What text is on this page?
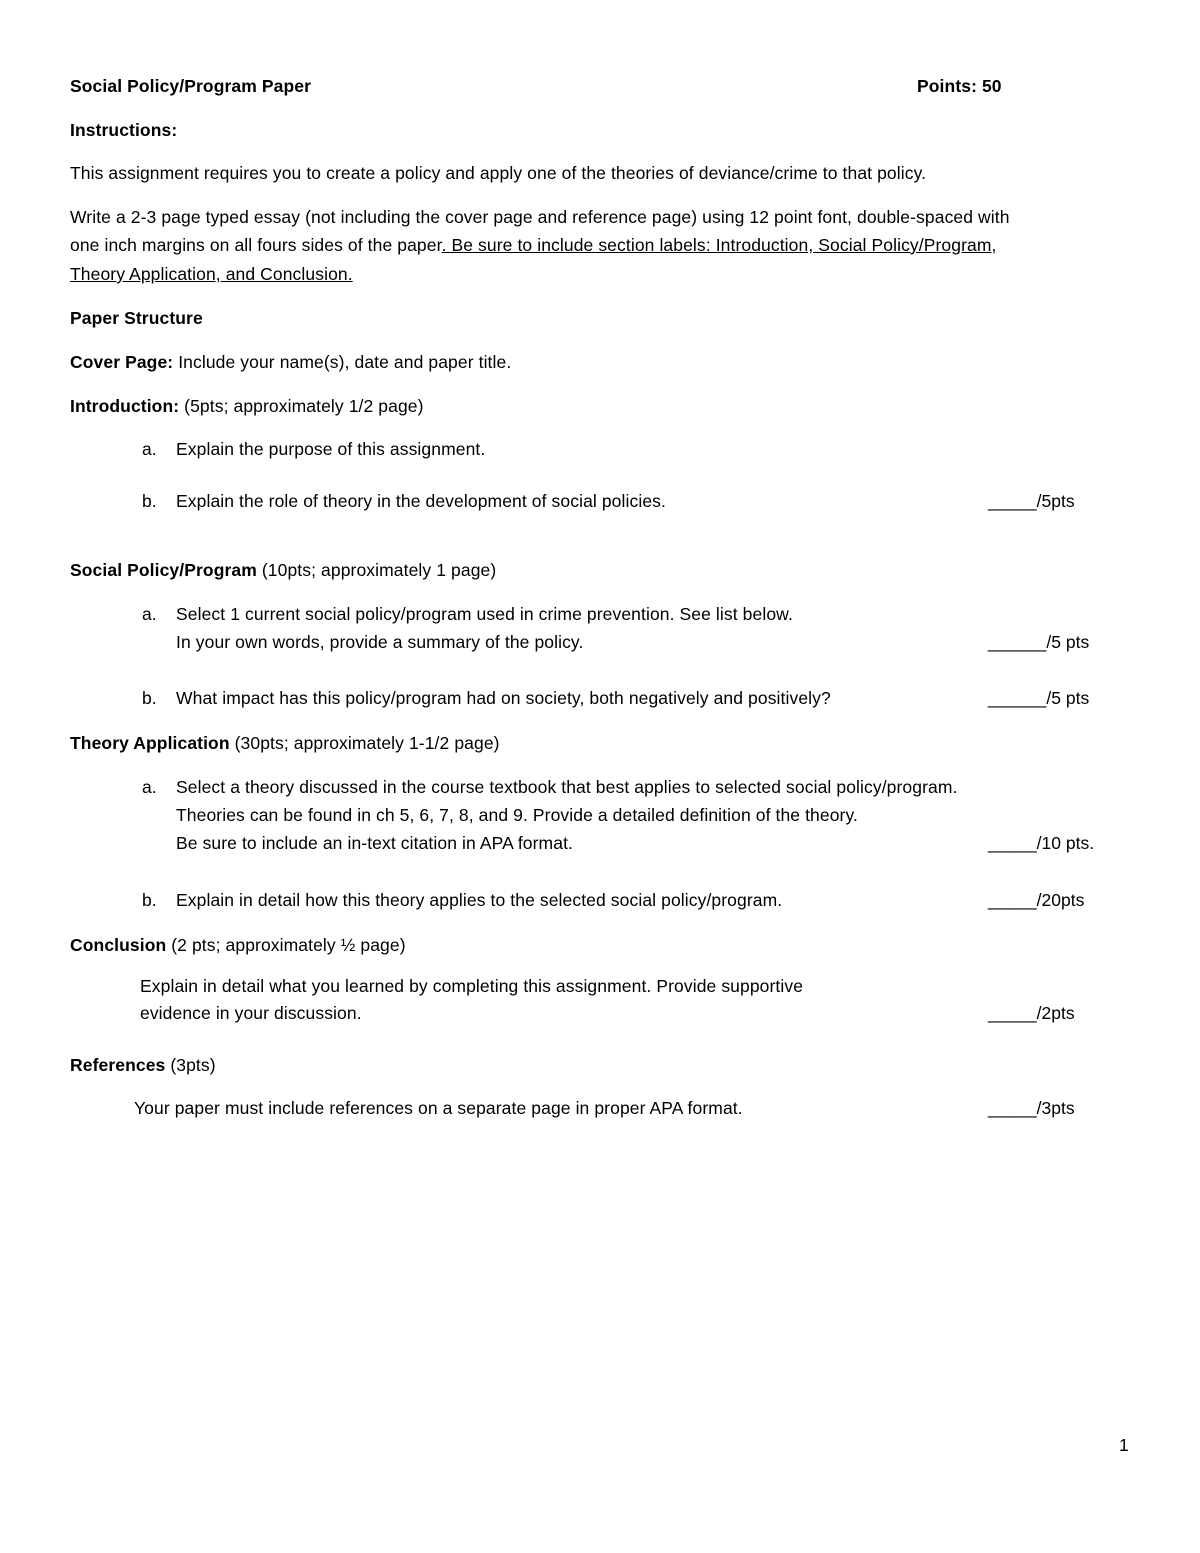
Social Policy/Program Paper	Points: 50
Instructions:
This assignment requires you to create a policy and apply one of the theories of deviance/crime to that policy.
Write a 2-3 page typed essay (not including the cover page and reference page) using 12 point font, double-spaced with
one inch margins on all fours sides of the paper. Be sure to include section labels: Introduction, Social Policy/Program,
Theory Application, and Conclusion.
Paper Structure
Cover Page: Include your name(s), date and paper title.
Introduction: (5pts; approximately 1/2 page)
a. Explain the purpose of this assignment.
b. Explain the role of theory in the development of social policies.	_____/5pts
Social Policy/Program (10pts; approximately 1 page)
a. Select 1 current social policy/program used in crime prevention. See list below.
In your own words, provide a summary of the policy.	______/5 pts
b. What impact has this policy/program had on society, both negatively and positively?	______/5 pts
Theory Application (30pts; approximately 1-1/2 page)
a. Select a theory discussed in the course textbook that best applies to selected social policy/program.
Theories can be found in ch 5, 6, 7, 8, and 9. Provide a detailed definition of the theory.
Be sure to include an in-text citation in APA format.	_____/10 pts.
b. Explain in detail how this theory applies to the selected social policy/program.	_____/20pts
Conclusion (2 pts; approximately ½ page)
Explain in detail what you learned by completing this assignment. Provide supportive
evidence in your discussion.	_____/2pts
References (3pts)
Your paper must include references on a separate page in proper APA format.	_____/3pts
1
